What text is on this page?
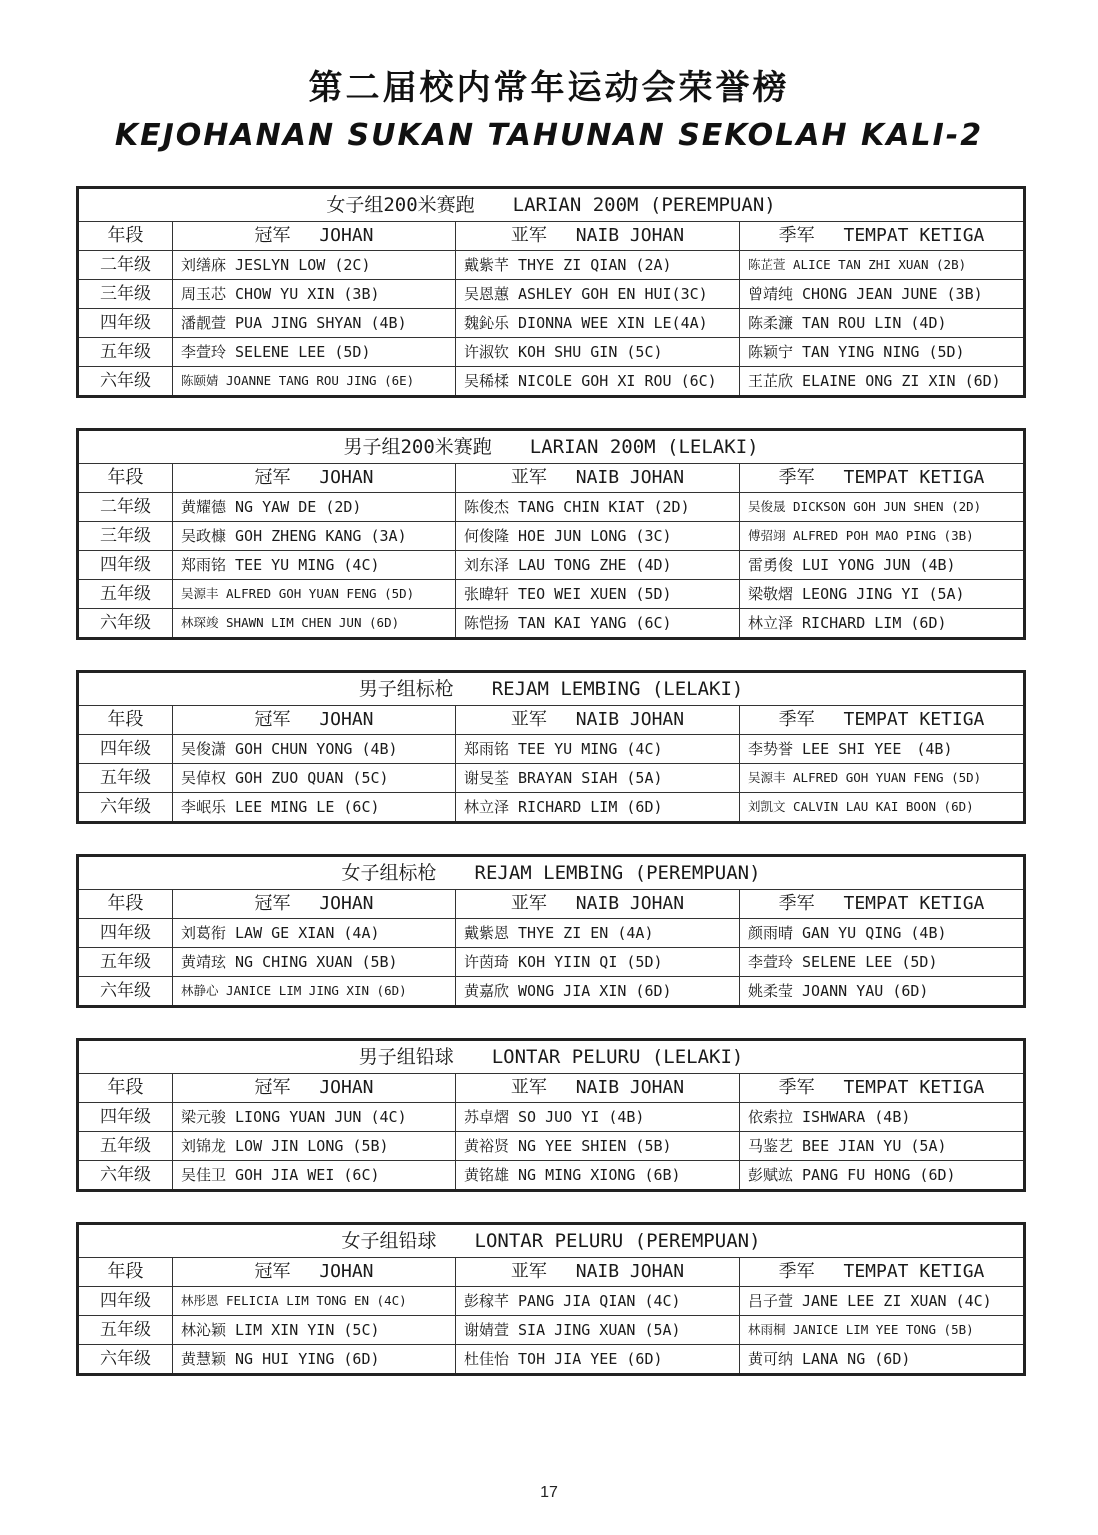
第二届校内常年运动会荣誉榜
KEJOHANAN SUKAN TAHUNAN SEKOLAH KALI-2
女子组200米赛跑　　LARIAN 200M (PEREMPUAN)			
年段	冠军　 JOHAN	亚军　 NAIB JOHAN	季军　 TEMPAT KETIGA
二年级	刘缮庥 JESLYN LOW (2C)	戴紫芊 THYE ZI QIAN (2A)	陈芷萱 ALICE TAN ZHI XUAN (2B)
三年级	周玉芯 CHOW YU XIN (3B)	吴恩蕙 ASHLEY GOH EN HUI(3C)	曾靖纯 CHONG JEAN JUNE (3B)
四年级	潘靓萱 PUA JING SHYAN (4B)	魏鈊乐 DIONNA WEE XIN LE(4A)	陈柔濂 TAN ROU LIN (4D)
五年级	李萱玲 SELENE LEE (5D)	许淑钦 KOH SHU GIN (5C)	陈颖宁 TAN YING NING (5D)
六年级	陈颐婧 JOANNE TANG ROU JING (6E)	吴稀楺 NICOLE GOH XI ROU (6C)	王芷欣 ELAINE ONG ZI XIN (6D)
男子组200米赛跑　　LARIAN 200M (LELAKI)			
年段	冠军　 JOHAN	亚军　 NAIB JOHAN	季军　 TEMPAT KETIGA
二年级	黄耀德 NG YAW DE (2D)	陈俊杰 TANG CHIN KIAT (2D)	吴俊晟 DICKSON GOH JUN SHEN (2D)
三年级	吴政槺 GOH ZHENG KANG (3A)	何俊隆 HOE JUN LONG (3C)	傅弨翊 ALFRED POH MAO PING (3B)
四年级	郑雨铭 TEE YU MING (4C)	刘东泽 LAU TONG ZHE (4D)	雷勇俊 LUI YONG JUN (4B)
五年级	吴源丰 ALFRED GOH YUAN FENG (5D)	张暐轩 TEO WEI XUEN (5D)	梁敬熠 LEONG JING YI (5A)
六年级	林琛竣 SHAWN LIM CHEN JUN (6D)	陈恺扬 TAN KAI YANG (6C)	林立泽 RICHARD LIM (6D)
男子组标枪　　REJAM LEMBING (LELAKI)			
年段	冠军　 JOHAN	亚军　 NAIB JOHAN	季军　 TEMPAT KETIGA
四年级	吴俊潇 GOH CHUN YONG (4B)	郑雨铭 TEE YU MING (4C)	李势誉 LEE SHI YEE　(4B)
五年级	吴倬权 GOH ZUO QUAN (5C)	谢旻荃 BRAYAN SIAH (5A)	吴源丰 ALFRED GOH YUAN FENG (5D)
六年级	李岷乐 LEE MING LE (6C)	林立泽 RICHARD LIM (6D)	刘凯文 CALVIN LAU KAI BOON (6D)
女子组标枪　　REJAM LEMBING (PEREMPUAN)			
年段	冠军　 JOHAN	亚军　 NAIB JOHAN	季军　 TEMPAT KETIGA
四年级	刘葛衔 LAW GE XIAN (4A)	戴紫恩 THYE ZI EN (4A)	颜雨晴 GAN YU QING (4B)
五年级	黄靖玹 NG CHING XUAN (5B)	许茵琦 KOH YIIN QI (5D)	李萱玲 SELENE LEE (5D)
六年级	林静心 JANICE LIM JING XIN (6D)	黄嘉欣 WONG JIA XIN (6D)	姚柔莹 JOANN YAU (6D)
男子组铅球　　LONTAR PELURU (LELAKI)			
年段	冠军　 JOHAN	亚军　 NAIB JOHAN	季军　 TEMPAT KETIGA
四年级	梁元骏 LIONG YUAN JUN (4C)	苏卓熠 SO JUO YI (4B)	依索拉 ISHWARA (4B)
五年级	刘锦龙 LOW JIN LONG (5B)	黄裕贤 NG YEE SHIEN (5B)	马鉴艺 BEE JIAN YU (5A)
六年级	吴佳卫 GOH JIA WEI (6C)	黄铭雄 NG MING XIONG (6B)	彭赋竑 PANG FU HONG (6D)
女子组铅球　　LONTAR PELURU (PEREMPUAN)			
年段	冠军　 JOHAN	亚军　 NAIB JOHAN	季军　 TEMPAT KETIGA
四年级	林彤恩 FELICIA LIM TONG EN (4C)	彭稼芊 PANG JIA QIAN (4C)	吕子萱 JANE LEE ZI XUAN (4C)
五年级	林沁颖 LIM XIN YIN (5C)	谢婧萱 SIA JING XUAN (5A)	林雨桐 JANICE LIM YEE TONG (5B)
六年级	黄慧颖 NG HUI YING (6D)	杜佳怡 TOH JIA YEE (6D)	黄可纳 LANA NG (6D)
17
